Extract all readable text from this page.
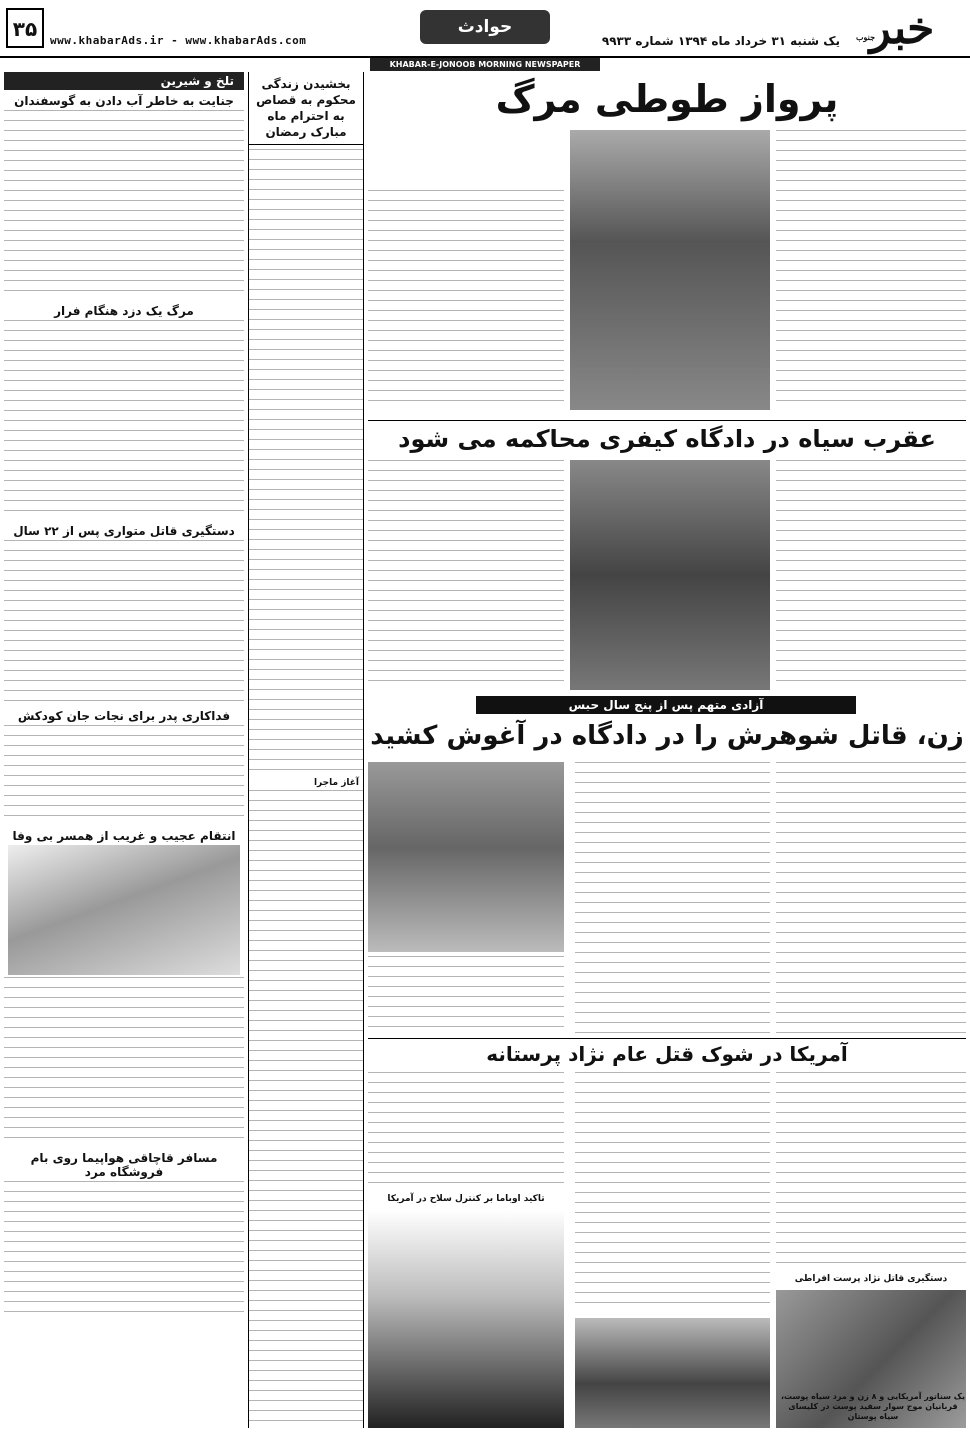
۳۵	www.khabarAds.ir - www.khabarAds.com
حوادث
یک شنبه ۳۱ خرداد ماه ۱۳۹۴ شماره ۹۹۳۳ خبر
جنوب
KHABAR-E-JONOOB MORNING NEWSPAPER
تلخ و شیرین
جنایت به خاطر آب دادن به گوسفندان
مرگ یک دزد هنگام فرار
دستگیری قاتل متواری پس از ۲۲ سال
فداکاری پدر برای نجات جان کودکش
انتقام عجیب و غریب از همسر بی وفا
مسافر قاچاقی هواپیما روی بام فروشگاه مرد
بخشیدن زندگی محکوم به قصاص به احترام ماه مبارک رمضان
آغاز ماجرا
پرواز طوطی مرگ
عقرب سیاه در دادگاه کیفری محاکمه می شود
آزادی متهم پس از پنج سال حبس
زن، قاتل شوهرش را در دادگاه در آغوش کشید
آمریکا در شوک قتل عام نژاد پرستانه
دستگیری قاتل نژاد پرست افراطی
تاکید اوباما بر کنترل سلاح در آمریکا
یک سناتور آمریکایی و ۸ زن و مرد سیاه پوست، قربانیان موج سوار سفید پوست در کلیسای سیاه پوستان
